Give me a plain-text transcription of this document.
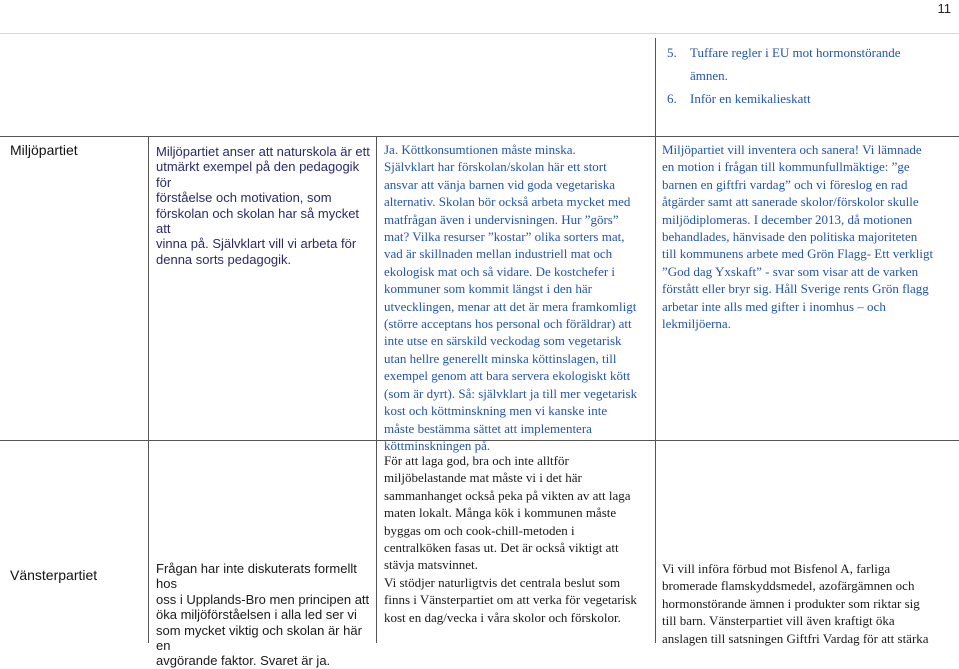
11
5. Tuffare regler i EU mot hormonstörande
ämnen.
6. Inför en kemikalieskatt
Miljöpartiet	Miljöpartiet anser att naturskola är ett
utmärkt exempel på den pedagogik för
förståelse och motivation, som
förskolan och skolan har så mycket att
vinna på. Självklart vill vi arbeta för
denna sorts pedagogik.

Ja. Köttkonsumtionen måste minska.
Självklart har förskolan/skolan här ett stort
ansvar att vänja barnen vid goda vegetariska
alternativ. Skolan bör också arbeta mycket med
matfrågan även i undervisningen. Hur ”görs”
mat? Vilka resurser ”kostar” olika sorters mat,
vad är skillnaden mellan industriell mat och
ekologisk mat och så vidare. De kostchefer i
kommuner som kommit längst i den här
utvecklingen, menar att det är mera framkomligt
(större acceptans hos personal och föräldrar) att
inte utse en särskild veckodag som vegetarisk
utan hellre generellt minska köttinslagen, till
exempel genom att bara servera ekologiskt kött
(som är dyrt). Så: självklart ja till mer vegetarisk
kost och köttminskning men vi kanske inte
måste bestämma sättet att implementera
köttminskningen på.

Miljöpartiet vill inventera och sanera! Vi lämnade
en motion i frågan till kommunfullmäktige: ”ge
barnen en giftfri vardag” och vi föreslog en rad
åtgärder samt att sanerade skolor/förskolor skulle
miljödiplomeras. I december 2013, då motionen
behandlades, hänvisade den politiska majoriteten
till kommunens arbete med Grön Flagg- Ett verkligt
”God dag Yxskaft” - svar som visar att de varken
förstått eller bryr sig. Håll Sverige rents Grön flagg
arbetar inte alls med gifter i inomhus – och
lekmiljöerna.

Vänsterpartiet	Frågan har inte diskuterats formellt hos
oss i Upplands-Bro men principen att
öka miljöförståelsen i alla led ser vi
som mycket viktig och skolan är här en
avgörande faktor. Svaret är ja.

För att laga god, bra och inte alltför
miljöbelastande mat måste vi i det här
sammanhanget också peka på vikten av att laga
maten lokalt. Många kök i kommunen måste
byggas om och cook-chill-metoden i
centralköken fasas ut. Det är också viktigt att
stävja matsvinnet.
Vi stödjer naturligtvis det centrala beslut som
finns i Vänsterpartiet om att verka för vegetarisk
kost en dag/vecka i våra skolor och förskolor.

Vi vill införa förbud mot Bisfenol A, farliga
bromerade flamskyddsmedel, azofärgämnen och
hormonstörande ämnen i produkter som riktar sig
till barn. Vänsterpartiet vill även kraftigt öka
anslagen till satsningen Giftfri Vardag för att stärka
